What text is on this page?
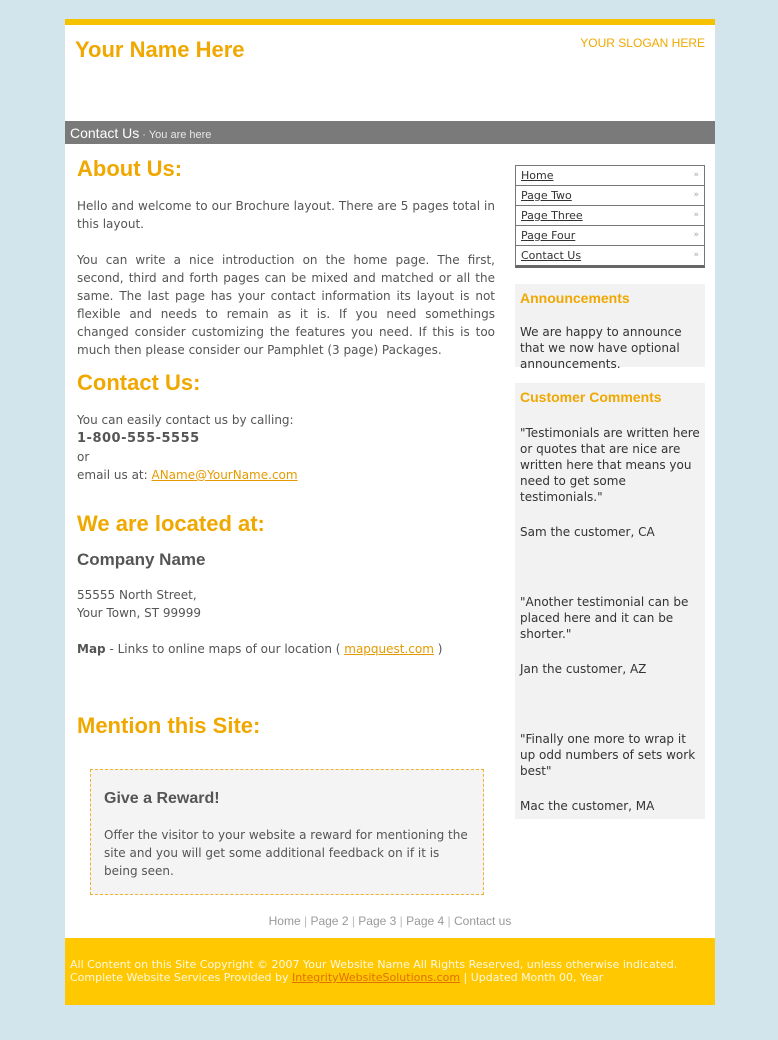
Your Name Here	YOUR SLOGAN HERE
Contact Us · You are here
About Us:

Hello and welcome to our Brochure layout. There are 5 pages total in this layout.

You can write a nice introduction on the home page. The first, second, third and forth pages can be mixed and matched or all the same. The last page has your contact information its layout is not flexible and needs to remain as it is. If you need somethings changed consider customizing the features you need. If this is too much then please consider our Pamphlet (3 page) Packages.

Contact Us:

You can easily contact us by calling:

1-800-555-5555

or

email us at: AName@YourName.com

We are located at:
Company Name

55555 North Street,

Your Town, ST 99999

Map - Links to online maps of our location ( mapquest.com )

Mention this Site:
Give a Reward!

Offer the visitor to your website a reward for mentioning the site and you will get some additional feedback on if it is being seen.

Home	»
Page Two	»
Page Three	»
Page Four	»
Contact Us	»
Announcements

We are happy to announce that we now have optional announcements.

Customer Comments

"Testimonials are written here or quotes that are nice are written here that means you need to get some testimonials."

Sam the customer, CA

"Another testimonial can be placed here and it can be shorter."

Jan the customer, AZ

"Finally one more to wrap it up odd numbers of sets work best"

Mac the customer, MA

Home | Page 2 | Page 3 | Page 4 | Contact us
All Content on this Site Copyright © 2007 Your Website Name All Rights Reserved, unless otherwise indicated.
Complete Website Services Provided by IntegrityWebsiteSolutions.com | Updated Month 00, Year
